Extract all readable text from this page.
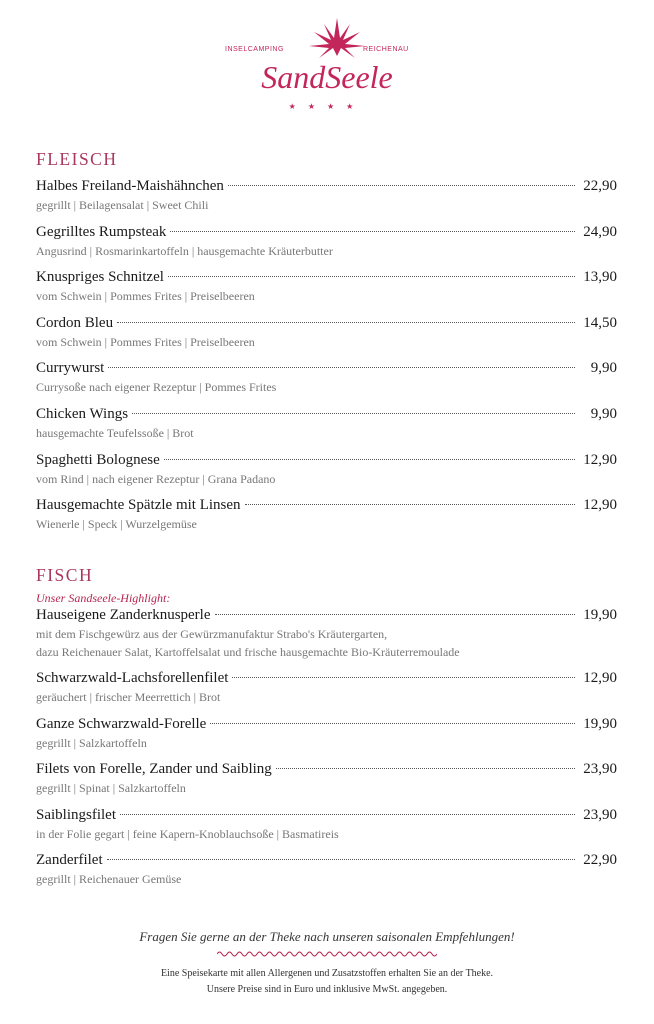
INSELCAMPING	REICHENAU
SandSeele
★★★★
FLEISCH
Halbes Freiland-Maishähnchen	22,90
gegrillt | Beilagensalat | Sweet Chili
Gegrilltes Rumpsteak	24,90
Angusrind | Rosmarinkartoffeln | hausgemachte Kräuterbutter
Knuspriges Schnitzel	13,90
vom Schwein | Pommes Frites | Preiselbeeren
Cordon Bleu	14,50
vom Schwein | Pommes Frites | Preiselbeeren
Currywurst	9,90
Currysoße nach eigener Rezeptur | Pommes Frites
Chicken Wings	9,90
hausgemachte Teufelssoße | Brot
Spaghetti Bolognese	12,90
vom Rind | nach eigener Rezeptur | Grana Padano
Hausgemachte Spätzle mit Linsen	12,90
Wienerle | Speck | Wurzelgemüse
FISCH
Unser Sandseele-Highlight:
Hauseigene Zanderknusperle	19,90
mit dem Fischgewürz aus der Gewürzmanufaktur Strabo's Kräutergarten,
dazu Reichenauer Salat, Kartoffelsalat und frische hausgemachte Bio-Kräuterremoulade
Schwarzwald-Lachsforellenfilet	12,90
geräuchert | frischer Meerrettich | Brot
Ganze Schwarzwald-Forelle	19,90
gegrillt | Salzkartoffeln
Filets von Forelle, Zander und Saibling	23,90
gegrillt | Spinat | Salzkartoffeln
Saiblingsfilet	23,90
in der Folie gegart | feine Kapern-Knoblauchsoße | Basmatireis
Zanderfilet	22,90
gegrillt | Reichenauer Gemüse
Fragen Sie gerne an der Theke nach unseren saisonalen Empfehlungen!
Eine Speisekarte mit allen Allergenen und Zusatzstoffen erhalten Sie an der Theke.
Unsere Preise sind in Euro und inklusive MwSt. angegeben.
